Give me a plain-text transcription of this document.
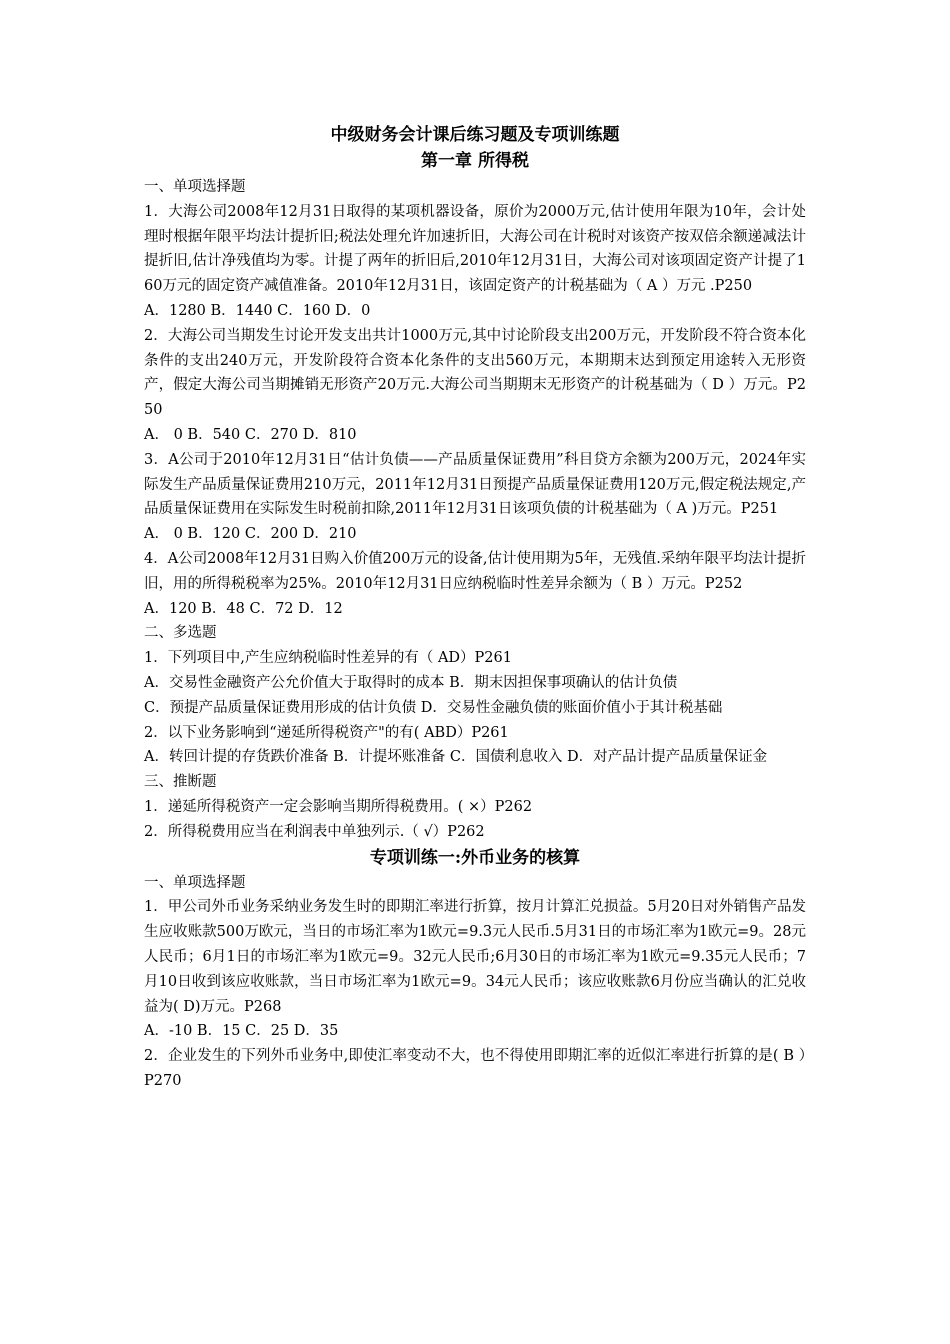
中级财务会计课后练习题及专项训练题
第一章 所得税

一、单项选择题

1．大海公司2008年12月31日取得的某项机器设备，原价为2000万元,估计使用年限为10年，会计处理时根据年限平均法计提折旧;税法处理允许加速折旧，大海公司在计税时对该资产按双倍余额递减法计提折旧,估计净残值均为零。计提了两年的折旧后,2010年12月31日，大海公司对该项固定资产计提了160万元的固定资产减值准备。2010年12月31日，该固定资产的计税基础为（ A ）万元 .P250

A．1280 B．1440 C．160 D．0

2．大海公司当期发生讨论开发支出共计1000万元,其中讨论阶段支出200万元，开发阶段不符合资本化条件的支出240万元，开发阶段符合资本化条件的支出560万元，本期期末达到预定用途转入无形资产，假定大海公司当期摊销无形资产20万元.大海公司当期期末无形资产的计税基础为（ D ）万元。P250

A． 0 B．540 C．270 D．810

3．A公司于2010年12月31日“估计负债——产品质量保证费用”科目贷方余额为200万元，2024年实际发生产品质量保证费用210万元，2011年12月31日预提产品质量保证费用120万元,假定税法规定,产品质量保证费用在实际发生时税前扣除,2011年12月31日该项负债的计税基础为（ A )万元。P251

A． 0 B．120 C．200 D．210

4．A公司2008年12月31日购入价值200万元的设备,估计使用期为5年，无残值.采纳年限平均法计提折旧，用的所得税税率为25%。2010年12月31日应纳税临时性差异余额为（ B ）万元。P252

A．120 B．48 C．72 D．12

二、多选题

1．下列项目中,产生应纳税临时性差异的有（ AD）P261

A．交易性金融资产公允价值大于取得时的成本 B．期末因担保事项确认的估计负债

C．预提产品质量保证费用形成的估计负债 D．交易性金融负债的账面价值小于其计税基础

2．以下业务影响到“递延所得税资产"的有( ABD）P261

A．转回计提的存货跌价准备 B．计提坏账准备 C．国债利息收入 D．对产品计提产品质量保证金

三、推断题

1．递延所得税资产一定会影响当期所得税费用。( ×）P262

2．所得税费用应当在利润表中单独列示.（ √）P262

专项训练一:外币业务的核算

一、单项选择题

1．甲公司外币业务采纳业务发生时的即期汇率进行折算，按月计算汇兑损益。5月20日对外销售产品发生应收账款500万欧元，当日的市场汇率为1欧元=9.3元人民币.5月31日的市场汇率为1欧元=9。28元人民币；6月1日的市场汇率为1欧元=9。32元人民币;6月30日的市场汇率为1欧元=9.35元人民币；7月10日收到该应收账款，当日市场汇率为1欧元=9。34元人民币；该应收账款6月份应当确认的汇兑收益为( D)万元。P268

A．-10 B．15 C．25 D．35

2．企业发生的下列外币业务中,即使汇率变动不大，也不得使用即期汇率的近似汇率进行折算的是( B ）P270
